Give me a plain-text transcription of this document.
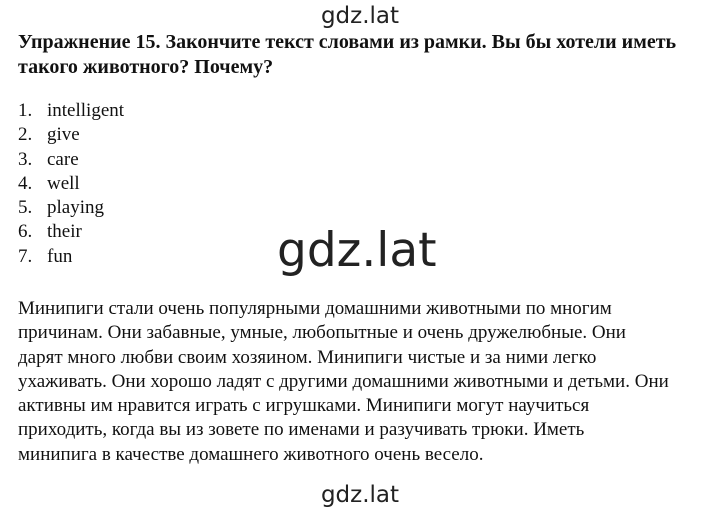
gdz.lat
Упражнение 15. Закончите текст словами из рамки. Вы бы хотели иметь
такого животного? Почему?
1. intelligent
2. give
3. care
4. well
5. playing
6. their
7. fun	gdz.lat
Минипиги стали очень популярными домашними животными по многим
причинам. Они забавные, умные, любопытные и очень дружелюбные. Они
дарят много любви своим хозяином. Минипиги чистые и за ними легко
ухаживать. Они хорошо ладят с другими домашними животными и детьми. Они
активны им нравится играть с игрушками. Минипиги могут научиться
приходить, когда вы из зовете по именами и разучивать трюки. Иметь
минипига в качестве домашнего животного очень весело.
gdz.lat
